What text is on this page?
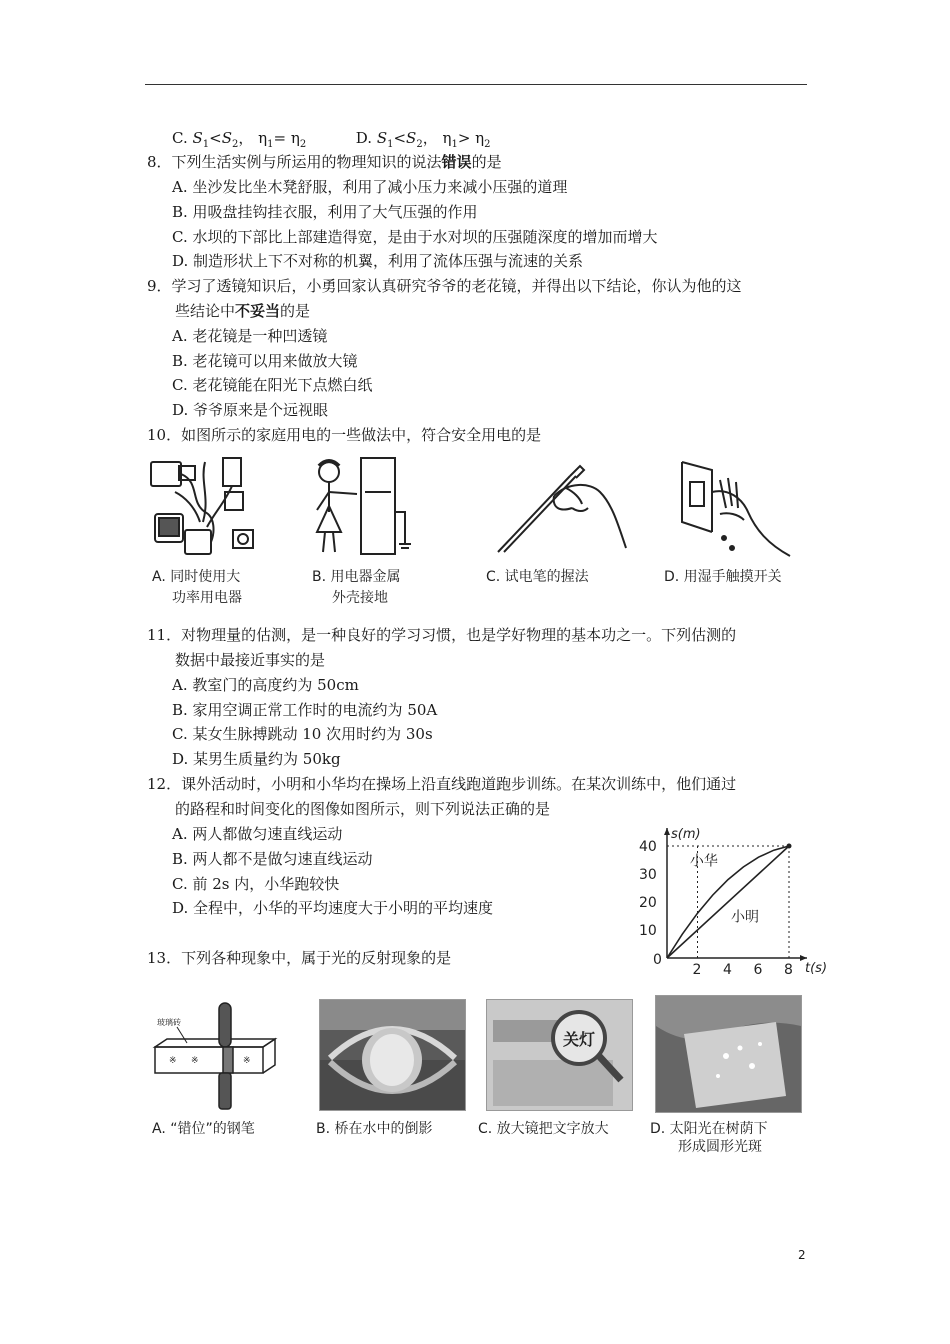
C. $S_1<S_2$， $\eta_1= \eta_2$	D. $S_1<S_2$， $\eta_1> \eta_2$
8．下列生活实例与所运用的物理知识的说法错误的是
A. 坐沙发比坐木凳舒服，利用了减小压力来减小压强的道理
B. 用吸盘挂钩挂衣服，利用了大气压强的作用
C. 水坝的下部比上部建造得宽，是由于水对坝的压强随深度的增加而增大
D. 制造形状上下不对称的机翼，利用了流体压强与流速的关系
9．学习了透镜知识后，小勇回家认真研究爷爷的老花镜，并得出以下结论，你认为他的这
些结论中不妥当的是
A. 老花镜是一种凹透镜
B. 老花镜可以用来做放大镜
C. 老花镜能在阳光下点燃白纸
D. 爷爷原来是个远视眼
10．如图所示的家庭用电的一些做法中，符合安全用电的是
A. 同时使用大
功率用电器
B. 用电器金属
外壳接地
C. 试电笔的握法	D. 用湿手触摸开关
11．对物理量的估测，是一种良好的学习习惯，也是学好物理的基本功之一。下列估测的
数据中最接近事实的是
A. 教室门的高度约为 50cm
B. 家用空调正常工作时的电流约为 50A
C. 某女生脉搏跳动 10 次用时约为 30s
D. 某男生质量约为 50kg
12．课外活动时，小明和小华均在操场上沿直线跑道跑步训练。在某次训练中，他们通过
的路程和时间变化的图像如图所示，则下列说法正确的是
A. 两人都做匀速直线运动
B. 两人都不是做匀速直线运动
C. 前 2s 内，小华跑较快
D. 全程中，小华的平均速度大于小明的平均速度
s(m)
t(s)
0
2 4 6 8
10
20
30
40
小华
小明
13．下列各种现象中，属于光的反射现象的是
※ ※	※
玻璃砖
A. “错位”的钢笔	B. 桥在水中的倒影
关灯
C. 放大镜把文字放大	D. 太阳光在树荫下
形成圆形光斑
2
